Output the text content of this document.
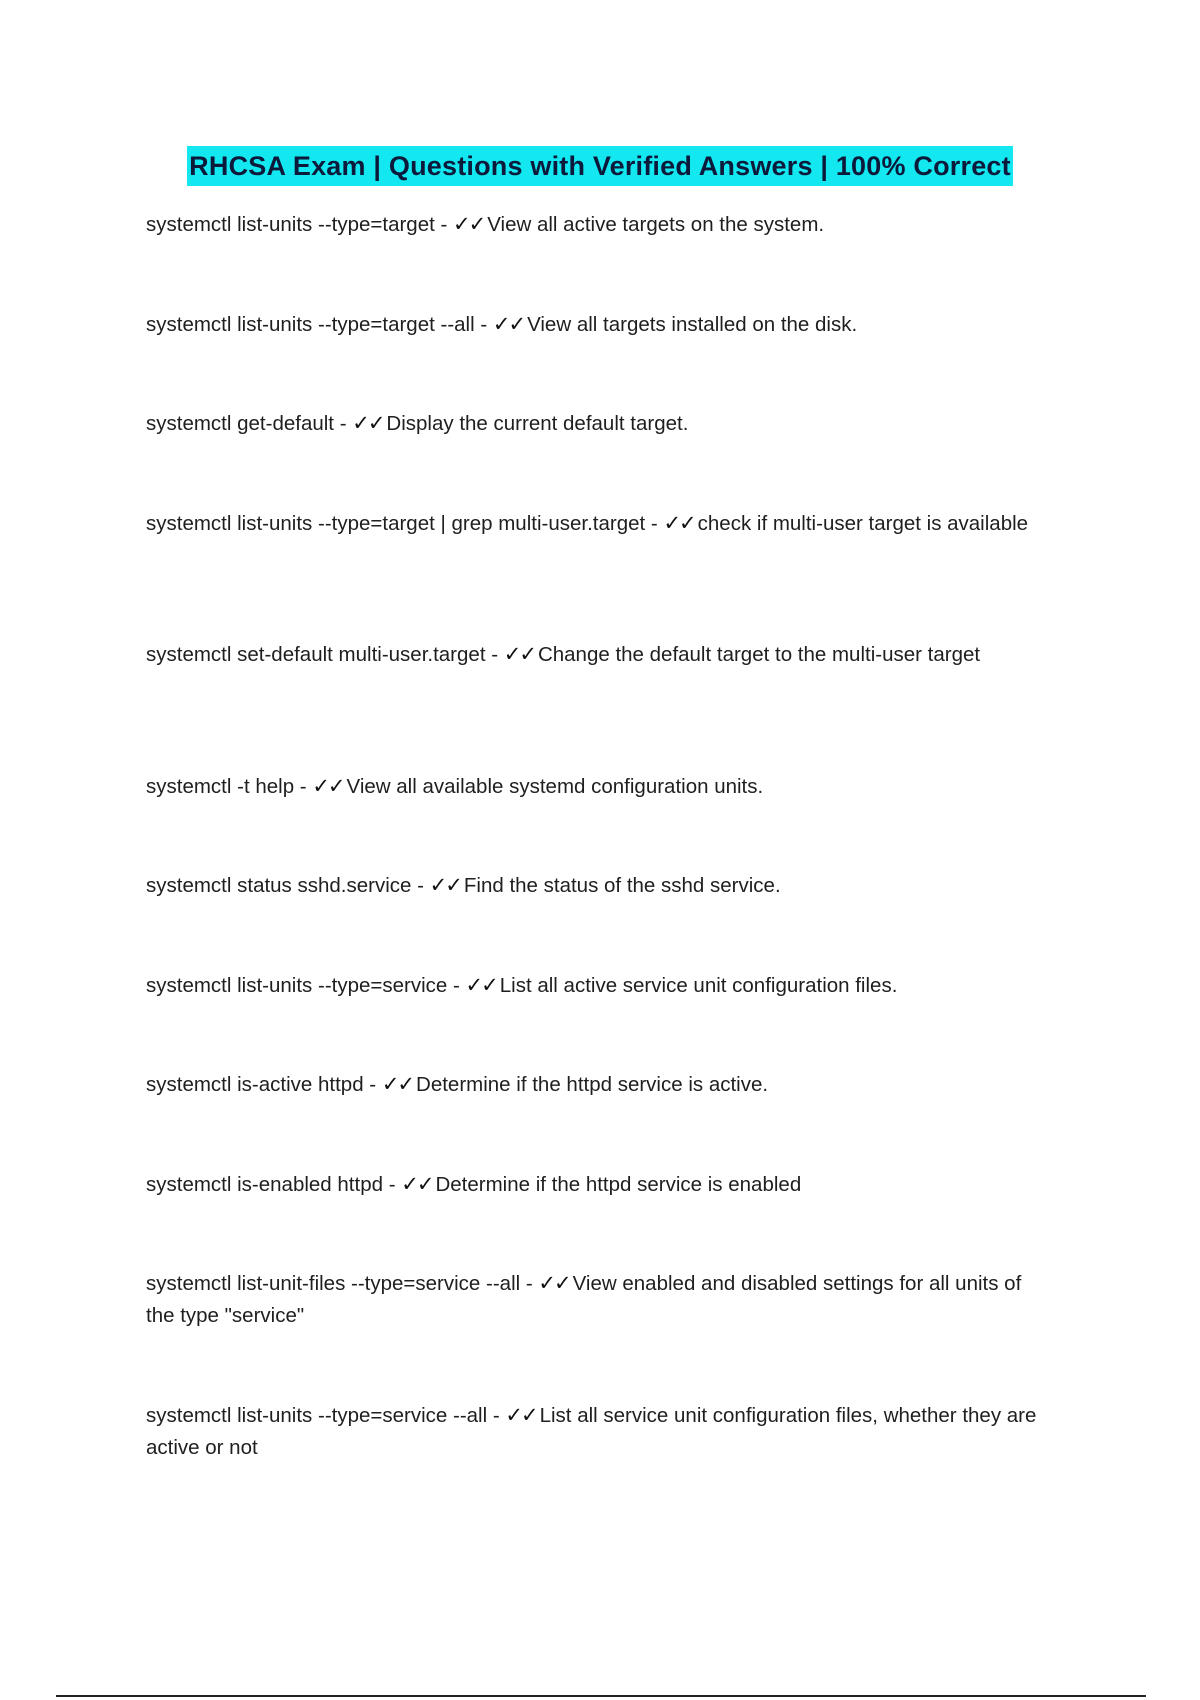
RHCSA Exam | Questions with Verified Answers | 100% Correct
systemctl list-units --type=target - ✓✓ View all active targets on the system.
systemctl list-units --type=target --all - ✓✓ View all targets installed on the disk.
systemctl get-default - ✓✓ Display the current default target.
systemctl list-units --type=target | grep multi-user.target - ✓✓ check if multi-user target is available
systemctl set-default multi-user.target - ✓✓ Change the default target to the multi-user target
systemctl -t help - ✓✓ View all available systemd configuration units.
systemctl status sshd.service - ✓✓ Find the status of the sshd service.
systemctl list-units --type=service - ✓✓ List all active service unit configuration files.
systemctl is-active httpd - ✓✓ Determine if the httpd service is active.
systemctl is-enabled httpd - ✓✓ Determine if the httpd service is enabled
systemctl list-unit-files --type=service --all - ✓✓ View enabled and disabled settings for all units of the type "service"
systemctl list-units --type=service --all - ✓✓ List all service unit configuration files, whether they are active or not
